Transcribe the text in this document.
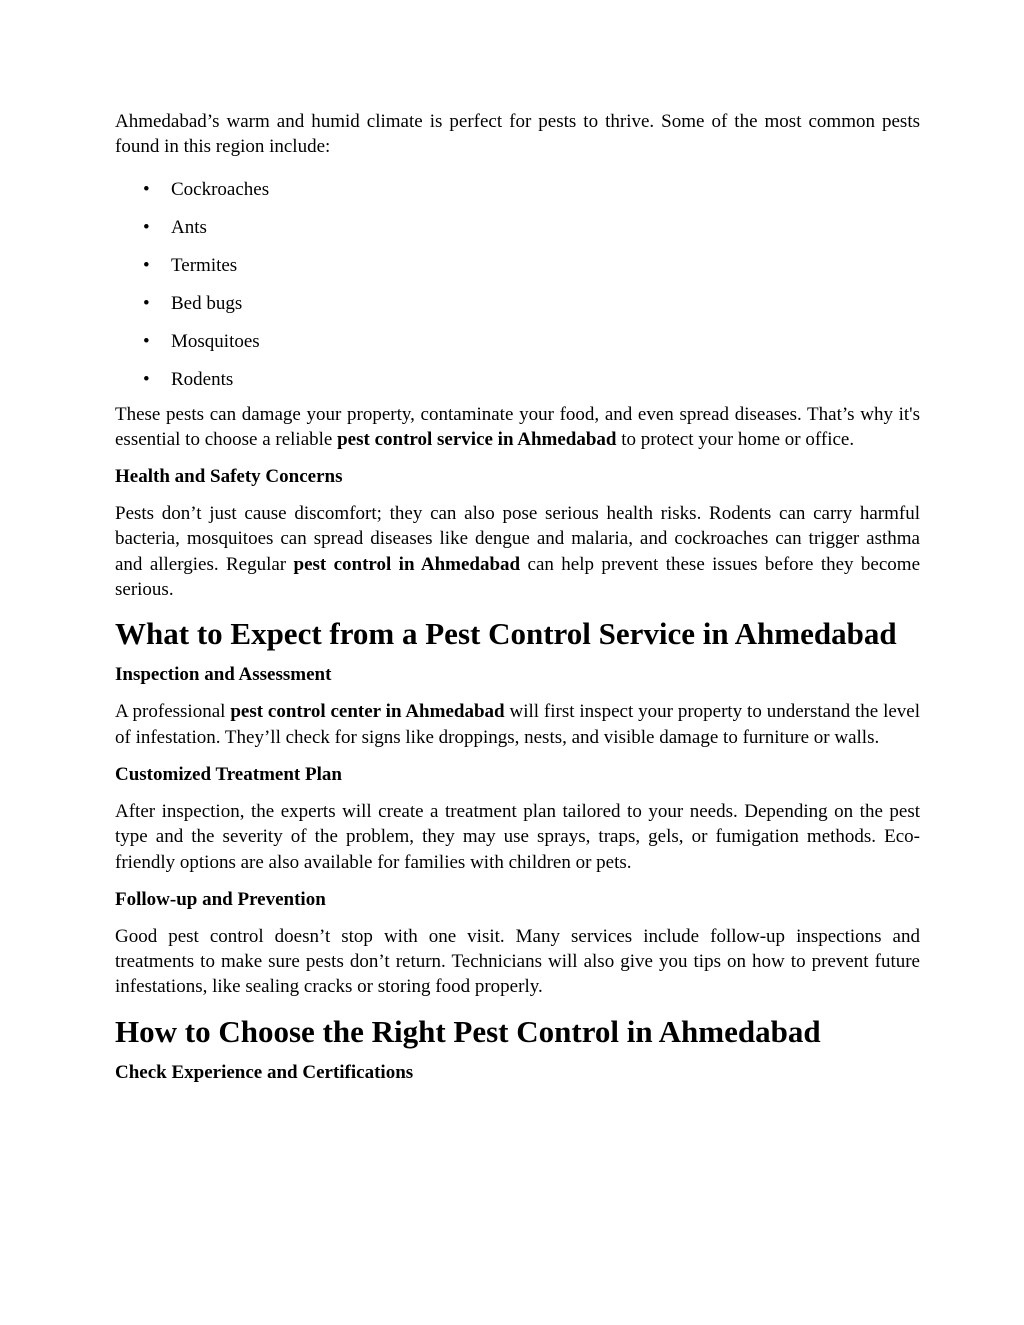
Ahmedabad’s warm and humid climate is perfect for pests to thrive. Some of the most common pests found in this region include:

• Cockroaches
• Ants
• Termites
• Bed bugs
• Mosquitoes
• Rodents

These pests can damage your property, contaminate your food, and even spread diseases. That’s why it's essential to choose a reliable pest control service in Ahmedabad to protect your home or office.

Health and Safety Concerns

Pests don’t just cause discomfort; they can also pose serious health risks. Rodents can carry harmful bacteria, mosquitoes can spread diseases like dengue and malaria, and cockroaches can trigger asthma and allergies. Regular pest control in Ahmedabad can help prevent these issues before they become serious.

What to Expect from a Pest Control Service in Ahmedabad
Inspection and Assessment

A professional pest control center in Ahmedabad will first inspect your property to understand the level of infestation. They’ll check for signs like droppings, nests, and visible damage to furniture or walls.

Customized Treatment Plan

After inspection, the experts will create a treatment plan tailored to your needs. Depending on the pest type and the severity of the problem, they may use sprays, traps, gels, or fumigation methods. Eco-friendly options are also available for families with children or pets.

Follow-up and Prevention

Good pest control doesn’t stop with one visit. Many services include follow-up inspections and treatments to make sure pests don’t return. Technicians will also give you tips on how to prevent future infestations, like sealing cracks or storing food properly.

How to Choose the Right Pest Control in Ahmedabad
Check Experience and Certifications
